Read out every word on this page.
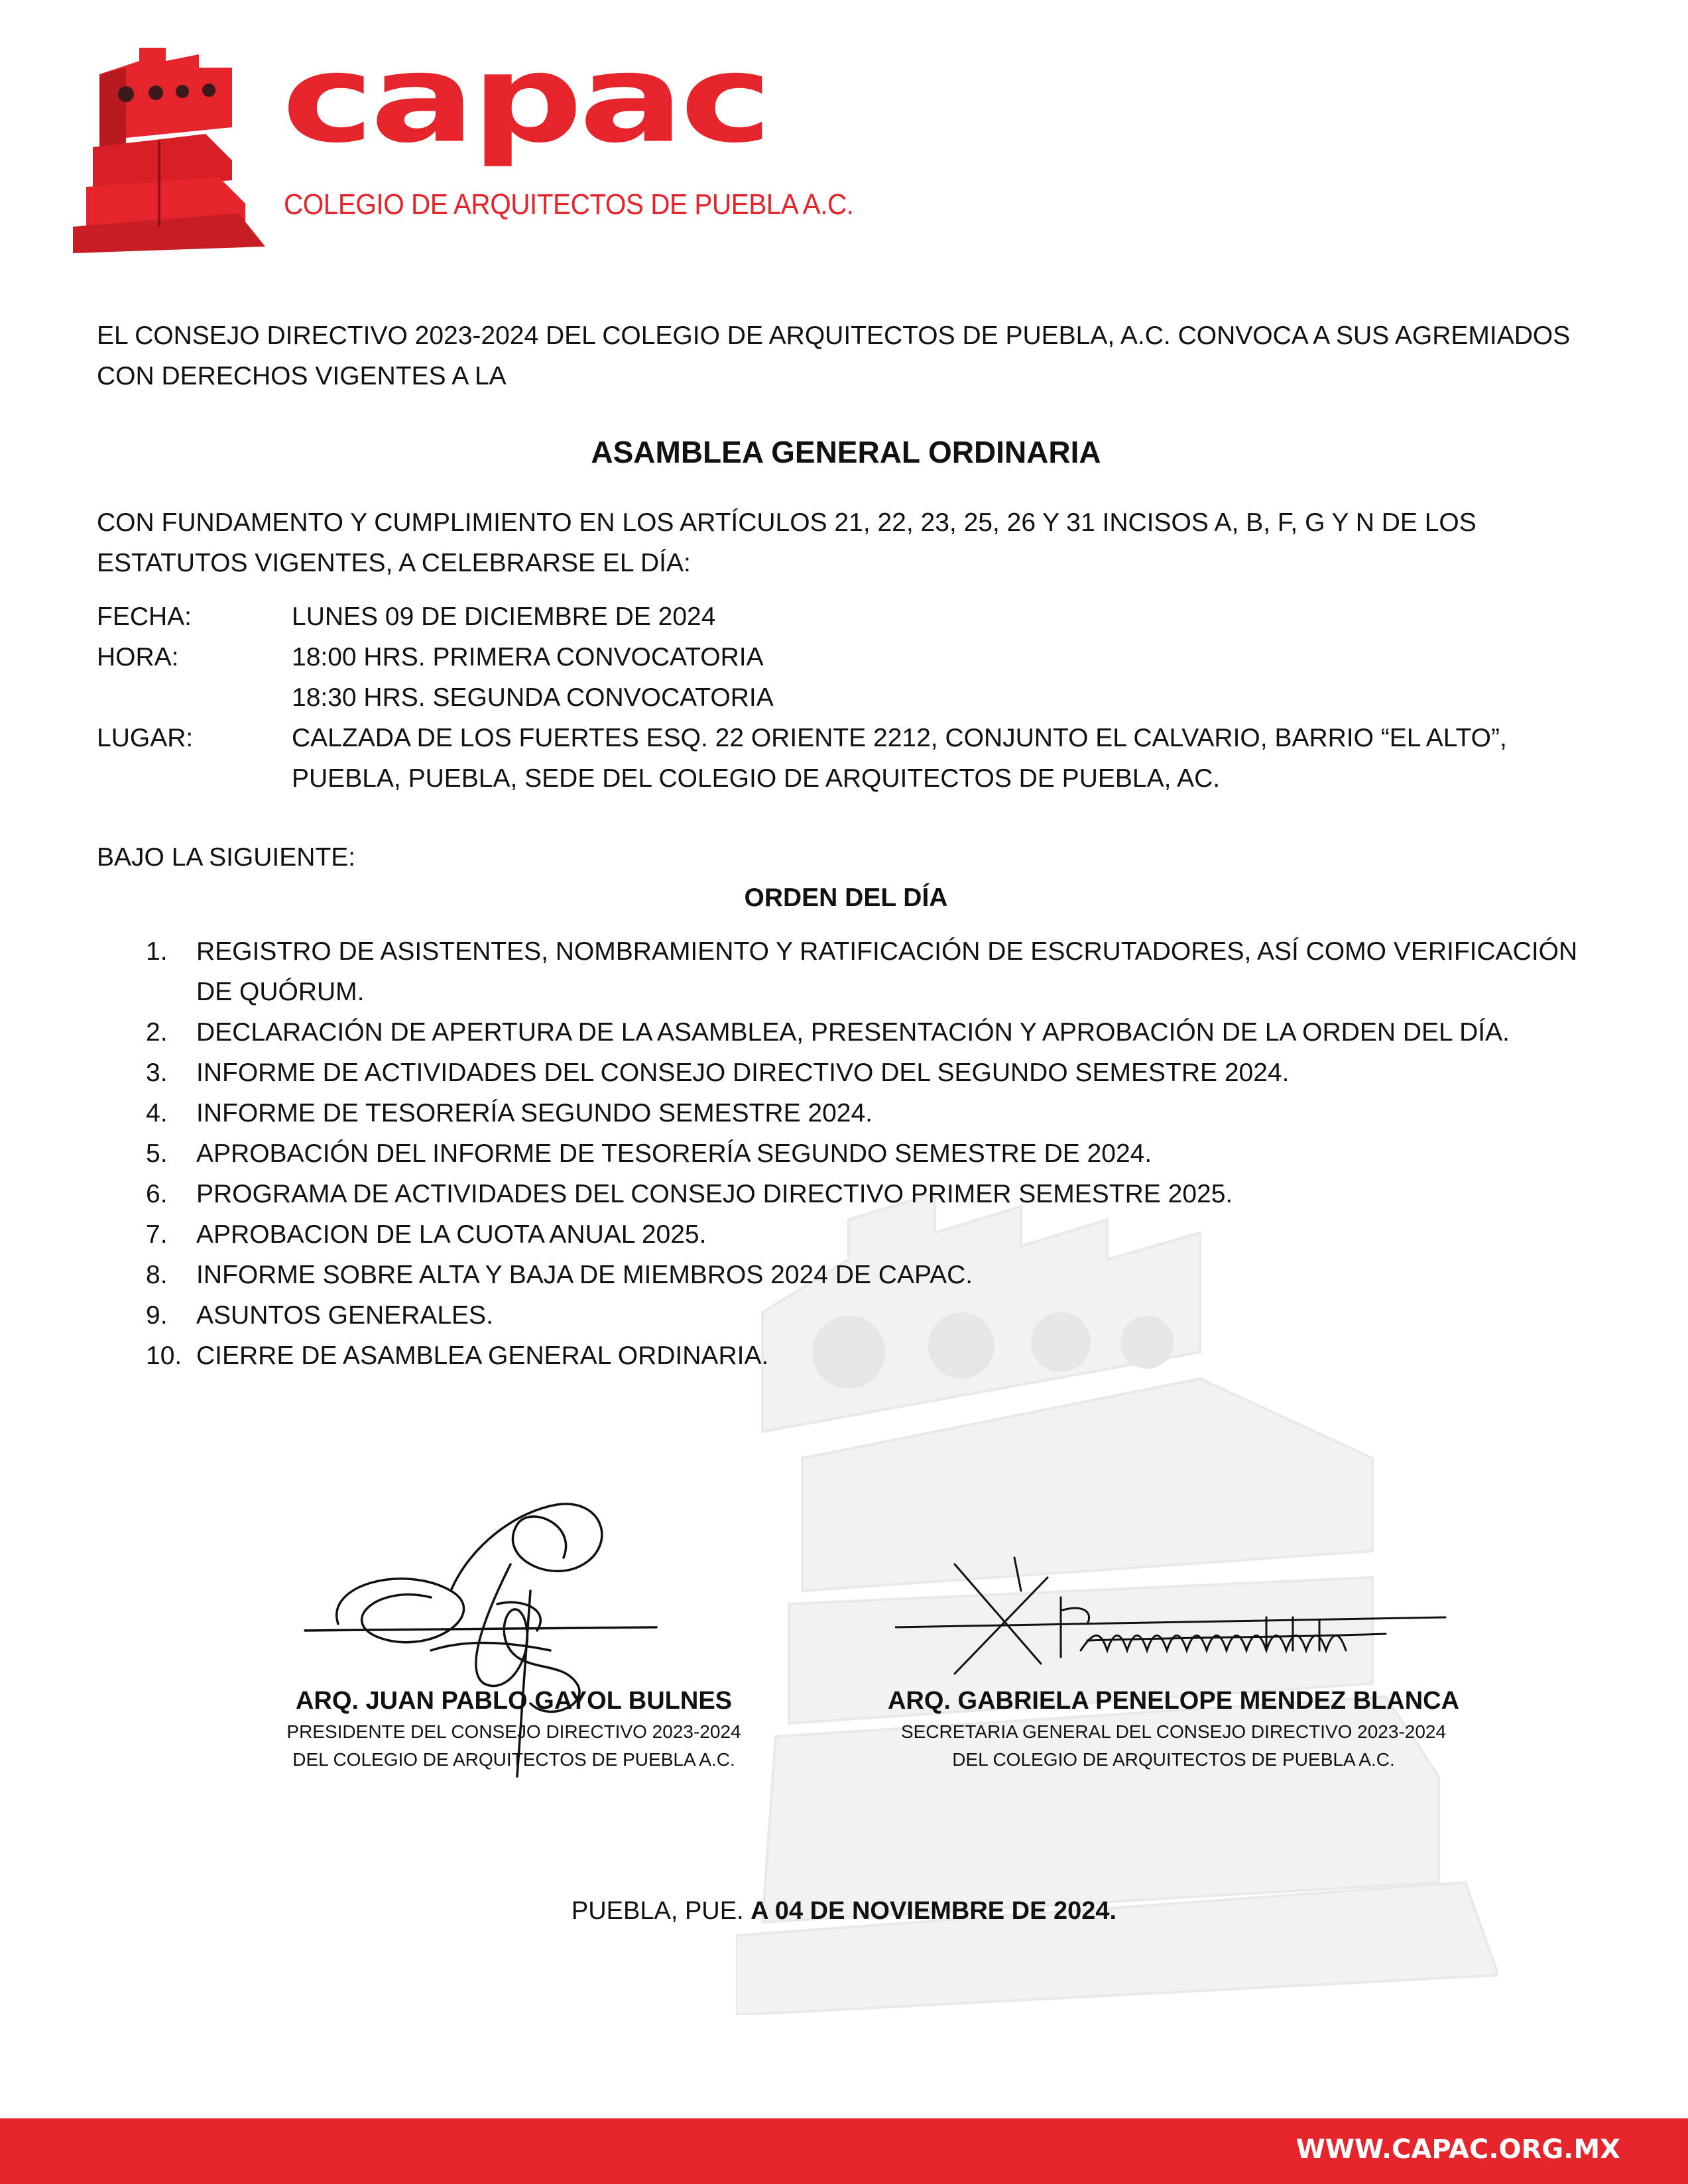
capac
COLEGIO DE ARQUITECTOS DE PUEBLA A.C.

EL CONSEJO DIRECTIVO 2023-2024 DEL COLEGIO DE ARQUITECTOS DE PUEBLA, A.C. CONVOCA A SUS AGREMIADOS CON DERECHOS VIGENTES A LA

ASAMBLEA GENERAL ORDINARIA

CON FUNDAMENTO Y CUMPLIMIENTO EN LOS ARTÍCULOS 21, 22, 23, 25, 26 Y 31 INCISOS A, B, F, G Y N DE LOS ESTATUTOS VIGENTES, A CELEBRARSE EL DÍA:

FECHA:	LUNES 09 DE DICIEMBRE DE 2024
HORA:	18:00 HRS. PRIMERA CONVOCATORIA
18:30 HRS. SEGUNDA CONVOCATORIA
LUGAR:	CALZADA DE LOS FUERTES ESQ. 22 ORIENTE 2212, CONJUNTO EL CALVARIO, BARRIO “EL ALTO”, PUEBLA, PUEBLA, SEDE DEL COLEGIO DE ARQUITECTOS DE PUEBLA, AC.

BAJO LA SIGUIENTE:

ORDEN DEL DÍA
1.	REGISTRO DE ASISTENTES, NOMBRAMIENTO Y RATIFICACIÓN DE ESCRUTADORES, ASÍ COMO VERIFICACIÓN DE QUÓRUM.
2.	DECLARACIÓN DE APERTURA DE LA ASAMBLEA, PRESENTACIÓN Y APROBACIÓN DE LA ORDEN DEL DÍA.
3.	INFORME DE ACTIVIDADES DEL CONSEJO DIRECTIVO DEL SEGUNDO SEMESTRE 2024.
4.	INFORME DE TESORERÍA SEGUNDO SEMESTRE 2024.
5.	APROBACIÓN DEL INFORME DE TESORERÍA SEGUNDO SEMESTRE DE 2024.
6.	PROGRAMA DE ACTIVIDADES DEL CONSEJO DIRECTIVO PRIMER SEMESTRE 2025.
7.	APROBACION DE LA CUOTA ANUAL 2025.
8.	INFORME SOBRE ALTA Y BAJA DE MIEMBROS 2024 DE CAPAC.
9.	ASUNTOS GENERALES.
10. CIERRE DE ASAMBLEA GENERAL ORDINARIA.
ARQ. JUAN PABLO GAYOL BULNES
PRESIDENTE DEL CONSEJO DIRECTIVO 2023-2024
DEL COLEGIO DE ARQUITECTOS DE PUEBLA A.C.
ARQ. GABRIELA PENELOPE MENDEZ BLANCA
SECRETARIA GENERAL DEL CONSEJO DIRECTIVO 2023-2024
DEL COLEGIO DE ARQUITECTOS DE PUEBLA A.C.
PUEBLA, PUE. A 04 DE NOVIEMBRE DE 2024.
WWW.CAPAC.ORG.MX
